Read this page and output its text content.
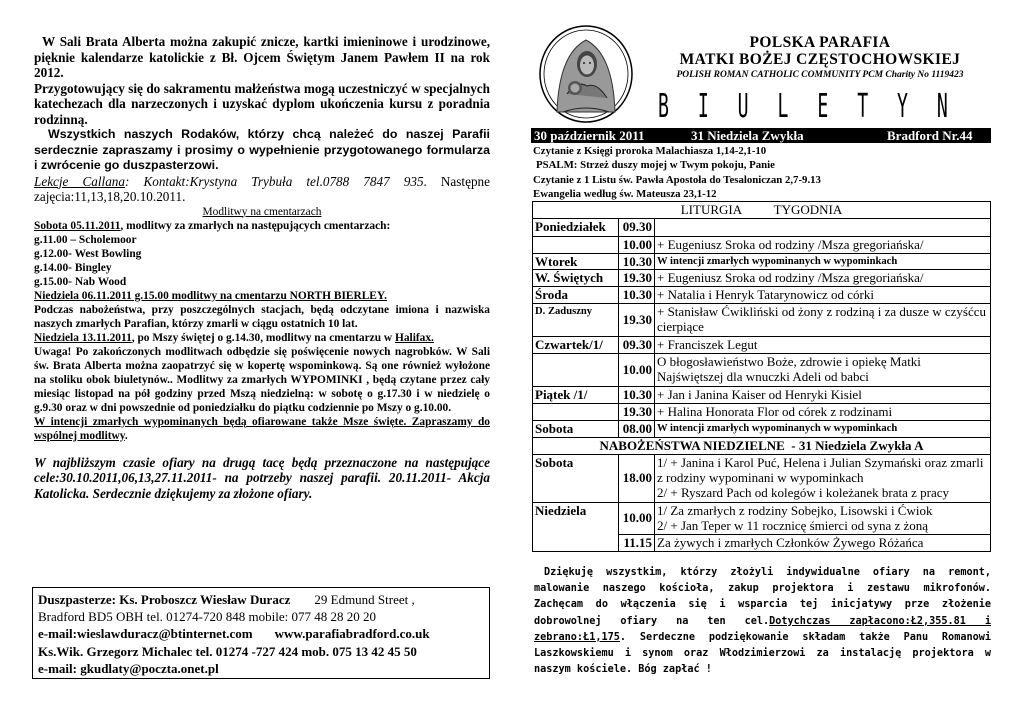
W Sali Brata Alberta można zakupić znicze, kartki imieninowe i urodzinowe, pięknie kalendarze katolickie z Bł. Ojcem Świętym Janem Pawłem II na rok 2012.

Przygotowujący się do sakramentu małżeństwa mogą uczestniczyć w specjalnych katechezach dla narzeczonych i uzyskać dyplom ukończenia kursu z poradnia rodzinną.

Wszystkich naszych Rodaków, którzy chcą należeć do naszej Parafii serdecznie zapraszamy i prosimy o wypełnienie przygotowanego formularza i zwrócenie go duszpasterzowi.

Lekcje Callana: Kontakt:Krystyna Trybuła tel.0788 7847 935. Następne zajęcia:11,13,18,20.10.2011.

Modlitwy na cmentarzach

Sobota 05.11.2011, modlitwy za zmarłych na następujących cmentarzach:

g.11.00 – Scholemoor

g.12.00- West Bowling

g.14.00- Bingley

g.15.00- Nab Wood

Niedziela 06.11.2011 g.15.00 modlitwy na cmentarzu NORTH BIERLEY.

Podczas nabożeństwa, przy poszczególnych stacjach, będą odczytane imiona i nazwiska naszych zmarłych Parafian, którzy zmarli w ciągu ostatnich 10 lat.

Niedziela 13.11.2011, po Mszy świętej o g.14.30, modlitwy na cmentarzu w Halifax.

Uwaga! Po zakończonych modlitwach odbędzie się poświęcenie nowych nagrobków. W Sali św. Brata Alberta można zaopatrzyć się w kopertę wspominkową. Są one również wyłożone na stoliku obok biuletynów.. Modlitwy za zmarłych WYPOMINKI , będą czytane przez cały miesiąc listopad na pół godziny przed Mszą niedzielną: w sobotę o g.17.30 i w niedzielę o g.9.30 oraz w dni powszednie od poniedziałku do piątku codziennie po Mszy o g.10.00.

W intencji zmarłych wypominanych będą ofiarowane także Msze święte. Zapraszamy do wspólnej modlitwy.

W najbliższym czasie ofiary na drugą tacę będą przeznaczone na następujące cele:30.10.2011,06,13,27.11.2011- na potrzeby naszej parafii. 20.11.2011- Akcja Katolicka. Serdecznie dziękujemy za złożone ofiary.

Duszpasterze: Ks. Proboszcz Wiesław Duracz 29 Edmund Street ,
Bradford BD5 OBH tel. 01274-720 848 mobile: 077 48 28 20 20
e-mail:wieslawduracz@btinternet.com www.parafiabradford.co.uk
Ks.Wik. Grzegorz Michalec tel. 01274 -727 424 mob. 075 13 42 45 50
e-mail: gkudlaty@poczta.onet.pl
POLSKA PARAFIA
MATKI BOŻEJ CZĘSTOCHOWSKIEJ
POLISH ROMAN CATHOLIC COMMUNITY PCM Charity No 1119423
B I U L E T Y N
30 październik 2011	31 Niedziela Zwykła	Bradford Nr.44
Czytanie z Księgi proroka Malachiasza 1,14-2,1-10
PSALM: Strzeż duszy mojej w Twym pokoju, Panie
Czytanie z 1 Listu św. Pawła Apostoła do Tesaloniczan 2,7-9.13
Ewangelia według św. Mateusza 23,1-12
LITURGIA          TYGODNIA		
Poniedziałek	09.30	
	10.00	+ Eugeniusz Sroka od rodziny /Msza gregoriańska/
Wtorek	10.30	W intencji zmarłych wypominanych w wypominkach
W. Świętych	19.30	+ Eugeniusz Sroka od rodziny /Msza gregoriańska/
Środa	10.30	+ Natalia i Henryk Tatarynowicz od córki
D. Zaduszny	19.30	+ Stanisław Ćwikliński od żony z rodziną i za dusze w czyśćcu cierpiące
Czwartek/1/	09.30	+ Franciszek Legut
	10.00	O błogosławieństwo Boże, zdrowie i opiekę Matki Najświętszej dla wnuczki Adeli od babci
Piątek /1/	10.30	+ Jan i Janina Kaiser od Henryki Kisiel
	19.30	+ Halina Honorata Flor od córek z rodzinami
Sobota	08.00	W intencji zmarłych wypominanych w wypominkach
NABOŻEŃSTWA NIEDZIELNE  - 31 Niedziela Zwykła A		
Sobota	18.00	1/ + Janina i Karol Puć, Helena i Julian Szymański oraz zmarli z rodziny wypominani w wypominkach
2/ + Ryszard Pach od kolegów i koleżanek brata z pracy

Niedziela	10.00	1/ Za zmarłych z rodziny Sobejko, Lisowski i Ćwiok
2/ + Jan Teper w 11 rocznicę śmierci od syna z żoną

	11.15	Za żywych i zmarłych Członków Żywego Różańca

Dziękuję wszystkim, którzy złożyli indywidualne ofiary na remont, malowanie naszego kościoła, zakup projektora i zestawu mikrofonów. Zachęcam do włączenia się i wsparcia tej inicjatywy prze złożenie dobrowolnej ofiary na ten cel.Dotychczas zapłacono:Ł2,355.81 i zebrano:Ł1,175. Serdeczne podziękowanie składam także Panu Romanowi Laszkowskiemu i synom oraz Włodzimierzowi za instalację projektora w naszym kościele. Bóg zapłać !
